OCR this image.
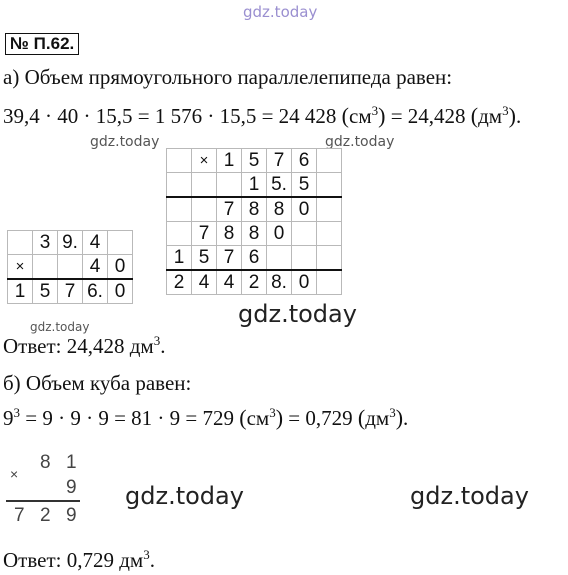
gdz.today
gdz.today	gdz.today
gdz.today
gdz.today
gdz.today	gdz.today
№ П.62.
а) Объем прямоугольного параллелепипеда равен:
39,4 · 40 · 15,5 = 1 576 · 15,5 = 24 428 $(см^3) = 24,428$ $(дм^3)$.
	3	9.	4	
×			4	0
1	5	7	6.	0
	×	1	5	7	6	
			1	5.	5	
		7	8	8	0	
	7	8	8	0		
1	5	7	6			
2	4	4	2	8.	0	
Ответ: 24,428 $дм^3$.
б) Объем куба равен:
$9^3 = 9 \cdot 9 \cdot 9 = 81 \cdot 9 = 729$ $(см^3) = 0,729$ $(дм^3)$.
×
8 1
9
7 2 9
Ответ: 0,729 $дм^3$.
